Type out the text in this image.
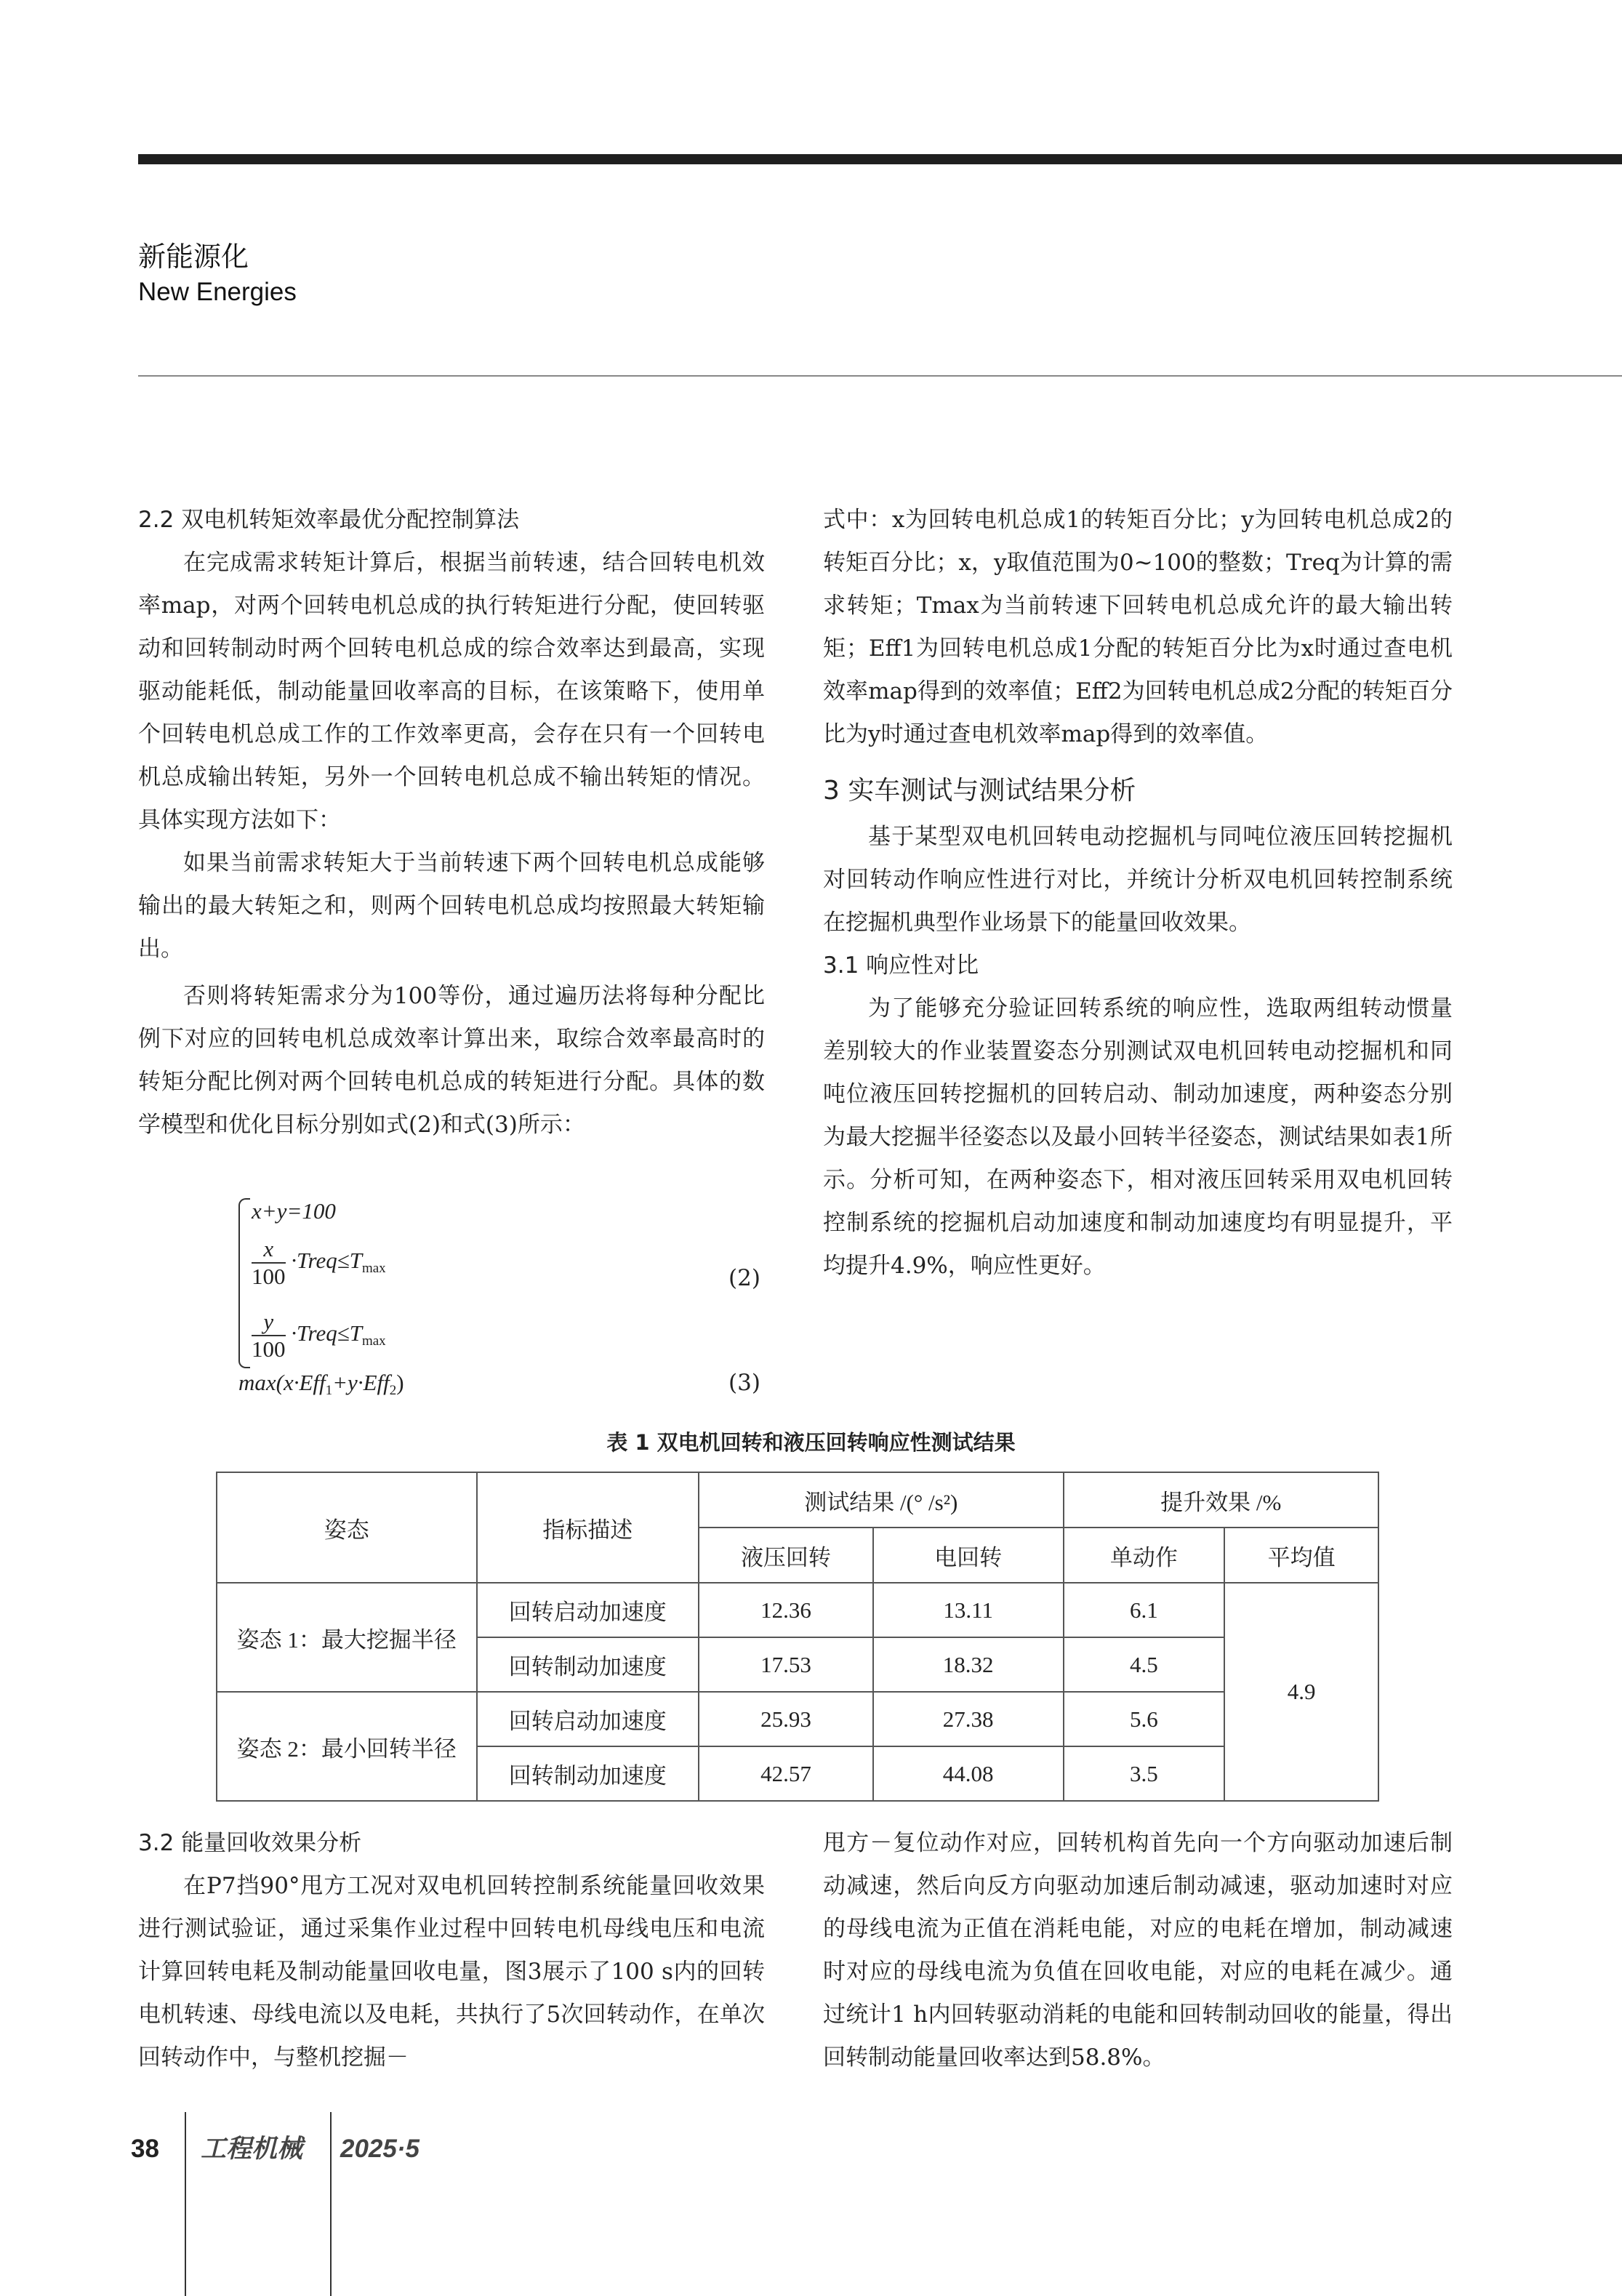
新能源化
New Energies

2.2 双电机转矩效率最优分配控制算法

在完成需求转矩计算后，根据当前转速，结合回转电机效率map，对两个回转电机总成的执行转矩进行分配，使回转驱动和回转制动时两个回转电机总成的综合效率达到最高，实现驱动能耗低，制动能量回收率高的目标，在该策略下，使用单个回转电机总成工作的工作效率更高，会存在只有一个回转电机总成输出转矩，另外一个回转电机总成不输出转矩的情况。具体实现方法如下：

如果当前需求转矩大于当前转速下两个回转电机总成能够输出的最大转矩之和，则两个回转电机总成均按照最大转矩输出。

否则将转矩需求分为100等份，通过遍历法将每种分配比例下对应的回转电机总成效率计算出来，取综合效率最高时的转矩分配比例对两个回转电机总成的转矩进行分配。具体的数学模型和优化目标分别如式(2)和式(3)所示：

x+y=100
$\frac{x}{100}$ $\cdot Treq\le T_{max}$	(2)
$\frac{y}{100}$ $\cdot Treq\le T_{max}$
max(x·Eff$_1$+y·Eff$_2$)	(3)

式中：x为回转电机总成1的转矩百分比；y为回转电机总成2的转矩百分比；x，y取值范围为0~100的整数；Treq为计算的需求转矩；Tmax为当前转速下回转电机总成允许的最大输出转矩；Eff1为回转电机总成1分配的转矩百分比为x时通过查电机效率map得到的效率值；Eff2为回转电机总成2分配的转矩百分比为y时通过查电机效率map得到的效率值。

3 实车测试与测试结果分析

基于某型双电机回转电动挖掘机与同吨位液压回转挖掘机对回转动作响应性进行对比，并统计分析双电机回转控制系统在挖掘机典型作业场景下的能量回收效果。

3.1 响应性对比

为了能够充分验证回转系统的响应性，选取两组转动惯量差别较大的作业装置姿态分别测试双电机回转电动挖掘机和同吨位液压回转挖掘机的回转启动、制动加速度，两种姿态分别为最大挖掘半径姿态以及最小回转半径姿态，测试结果如表1所示。分析可知，在两种姿态下，相对液压回转采用双电机回转控制系统的挖掘机启动加速度和制动加速度均有明显提升，平均提升4.9%，响应性更好。

表 1 双电机回转和液压回转响应性测试结果
姿态	指标描述	测试结果 /(° /s²)		提升效果 /%	
		液压回转	电回转	单动作	平均值
姿态 1：最大挖掘半径	回转启动加速度	12.36	13.11	6.1	4.9
	回转制动加速度	17.53	18.32	4.5	
姿态 2：最小回转半径	回转启动加速度	25.93	27.38	5.6	
	回转制动加速度	42.57	44.08	3.5	

3.2 能量回收效果分析

在P7挡90°甩方工况对双电机回转控制系统能量回收效果进行测试验证，通过采集作业过程中回转电机母线电压和电流计算回转电耗及制动能量回收电量，图3展示了100 s内的回转电机转速、母线电流以及电耗，共执行了5次回转动作，在单次回转动作中，与整机挖掘－

甩方－复位动作对应，回转机构首先向一个方向驱动加速后制动减速，然后向反方向驱动加速后制动减速，驱动加速时对应的母线电流为正值在消耗电能，对应的电耗在增加，制动减速时对应的母线电流为负值在回收电能，对应的电耗在减少。通过统计1 h内回转驱动消耗的电能和回转制动回收的能量，得出回转制动能量回收率达到58.8%。

38 工程机械 2025·5
